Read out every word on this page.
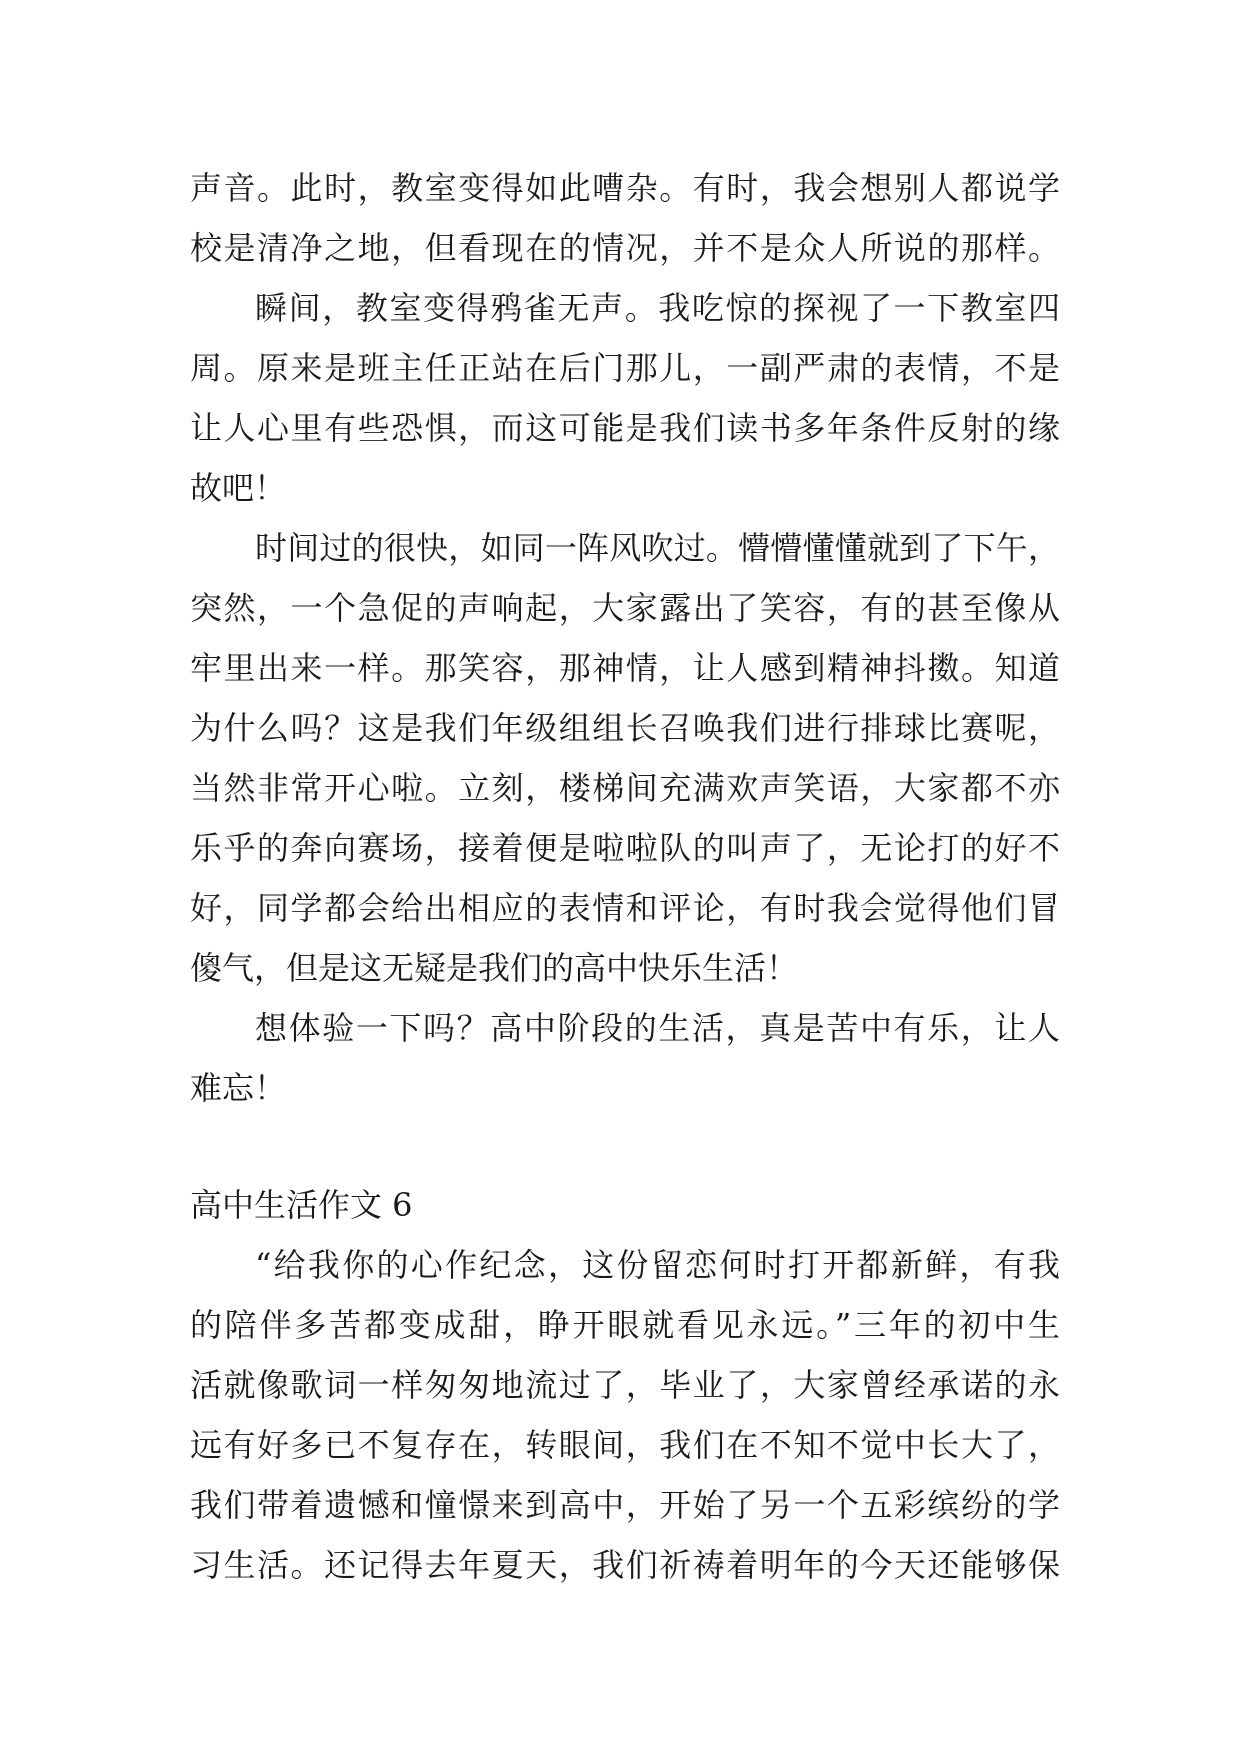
声音。此时，教室变得如此嘈杂。有时，我会想别人都说学
校是清净之地，但看现在的情况，并不是众人所说的那样。
瞬间，教室变得鸦雀无声。我吃惊的探视了一下教室四
周。原来是班主任正站在后门那儿，一副严肃的表情，不是
让人心里有些恐惧，而这可能是我们读书多年条件反射的缘
故吧！
时间过的很快，如同一阵风吹过。懵懵懂懂就到了下午，
突然，一个急促的声响起，大家露出了笑容，有的甚至像从
牢里出来一样。那笑容，那神情，让人感到精神抖擞。知道
为什么吗？这是我们年级组组长召唤我们进行排球比赛呢，
当然非常开心啦。立刻，楼梯间充满欢声笑语，大家都不亦
乐乎的奔向赛场，接着便是啦啦队的叫声了，无论打的好不
好，同学都会给出相应的表情和评论，有时我会觉得他们冒
傻气，但是这无疑是我们的高中快乐生活！
想体验一下吗？高中阶段的生活，真是苦中有乐，让人
难忘！
高中生活作文 6
“给我你的心作纪念，这份留恋何时打开都新鲜，有我
的陪伴多苦都变成甜，睁开眼就看见永远。”三年的初中生
活就像歌词一样匆匆地流过了，毕业了，大家曾经承诺的永
远有好多已不复存在，转眼间，我们在不知不觉中长大了，
我们带着遗憾和憧憬来到高中，开始了另一个五彩缤纷的学
习生活。还记得去年夏天，我们祈祷着明年的今天还能够保
